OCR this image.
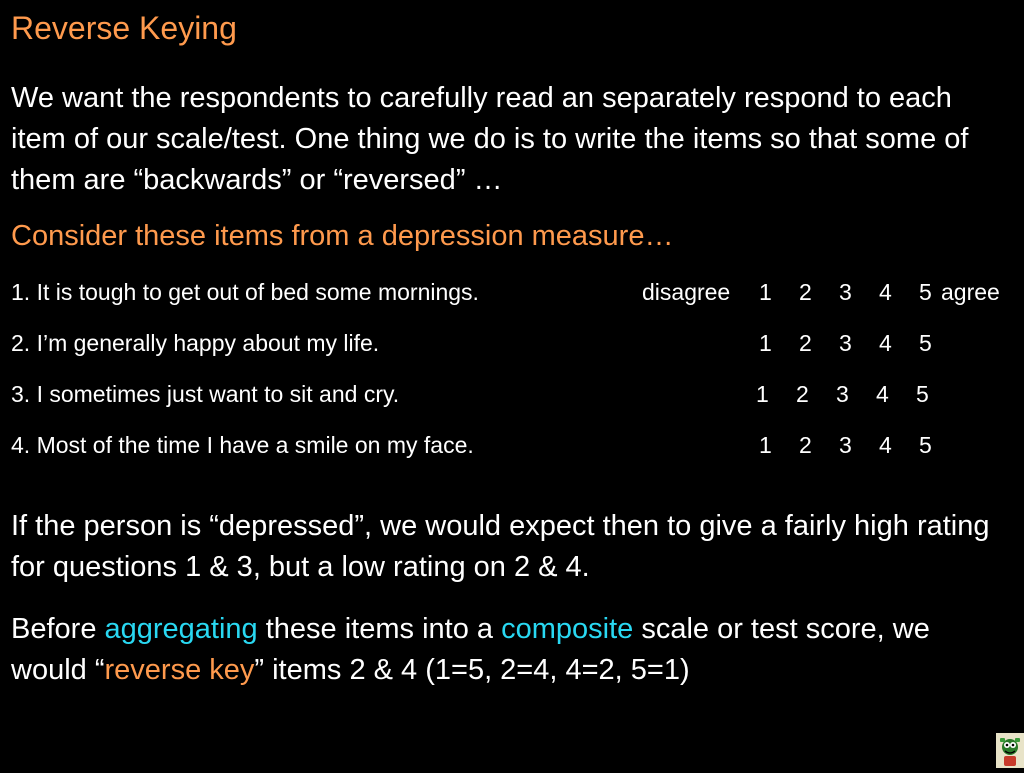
Reverse Keying

We want the respondents to carefully read an separately respond to each item of our scale/test. One thing we do is to write the items so that some of them are “backwards” or “reversed” …

Consider these items from a depression measure…
1. It is tough to get out of bed some mornings.	disagree 1 2 3 4 5 agree
2. I’m generally happy about my life.	1 2 3 4 5
3. I sometimes just want to sit and cry.	1 2 3 4 5
4. Most of the time I have a smile on my face.	1 2 3 4 5

If the person is “depressed”, we would expect then to give a fairly high rating for questions 1 & 3, but a low rating on 2 & 4.

Before aggregating these items into a composite scale or test score, we would “reverse key” items 2 & 4 (1=5, 2=4, 4=2, 5=1)
